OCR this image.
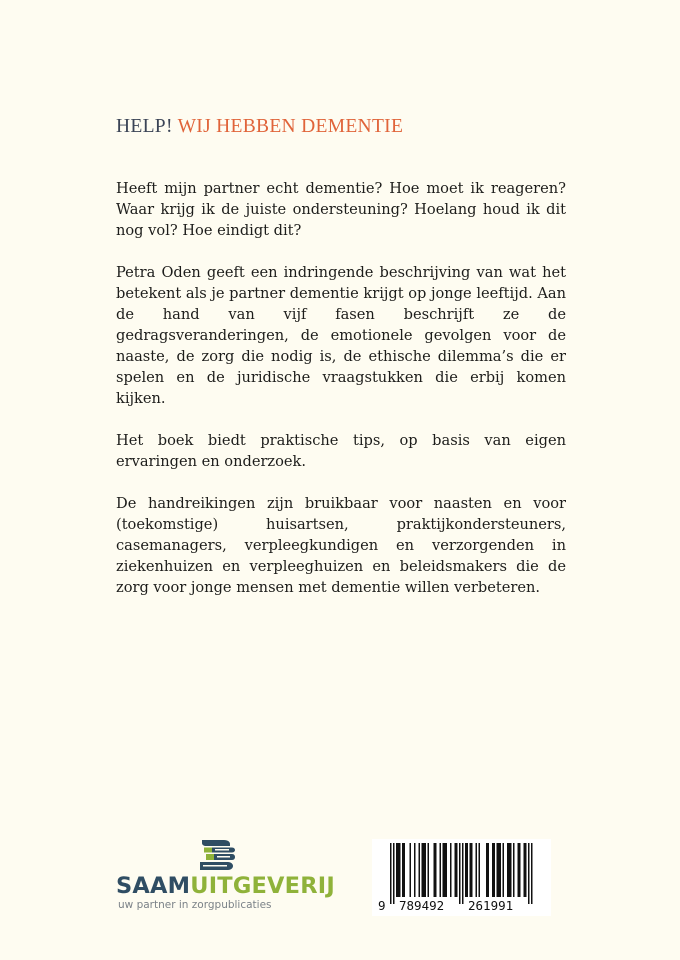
HELP! WIJ HEBBEN DEMENTIE

Heeft mijn partner echt dementie? Hoe moet ik reageren? Waar krijg ik de juiste ondersteuning? Hoelang houd ik dit nog vol? Hoe eindigt dit?

Petra Oden geeft een indringende beschrijving van wat het betekent als je partner dementie krijgt op jonge leeftijd. Aan de hand van vijf fasen beschrijft ze de gedragsveranderingen, de emotionele gevolgen voor de naaste, de zorg die nodig is, de ethische dilemma’s die er spelen en de juridische vraagstukken die erbij komen kijken.

Het boek biedt praktische tips, op basis van eigen ervaringen en onderzoek.

De handreikingen zijn bruikbaar voor naasten en voor (toekomstige) huisartsen, praktijkondersteuners, casemanagers, verpleegkundigen en verzorgenden in ziekenhuizen en verpleeghuizen en beleidsmakers die de zorg voor jonge mensen met dementie willen verbeteren.

SAAMUITGEVERIJ
uw partner in zorgpublicaties	9 789492 261991
